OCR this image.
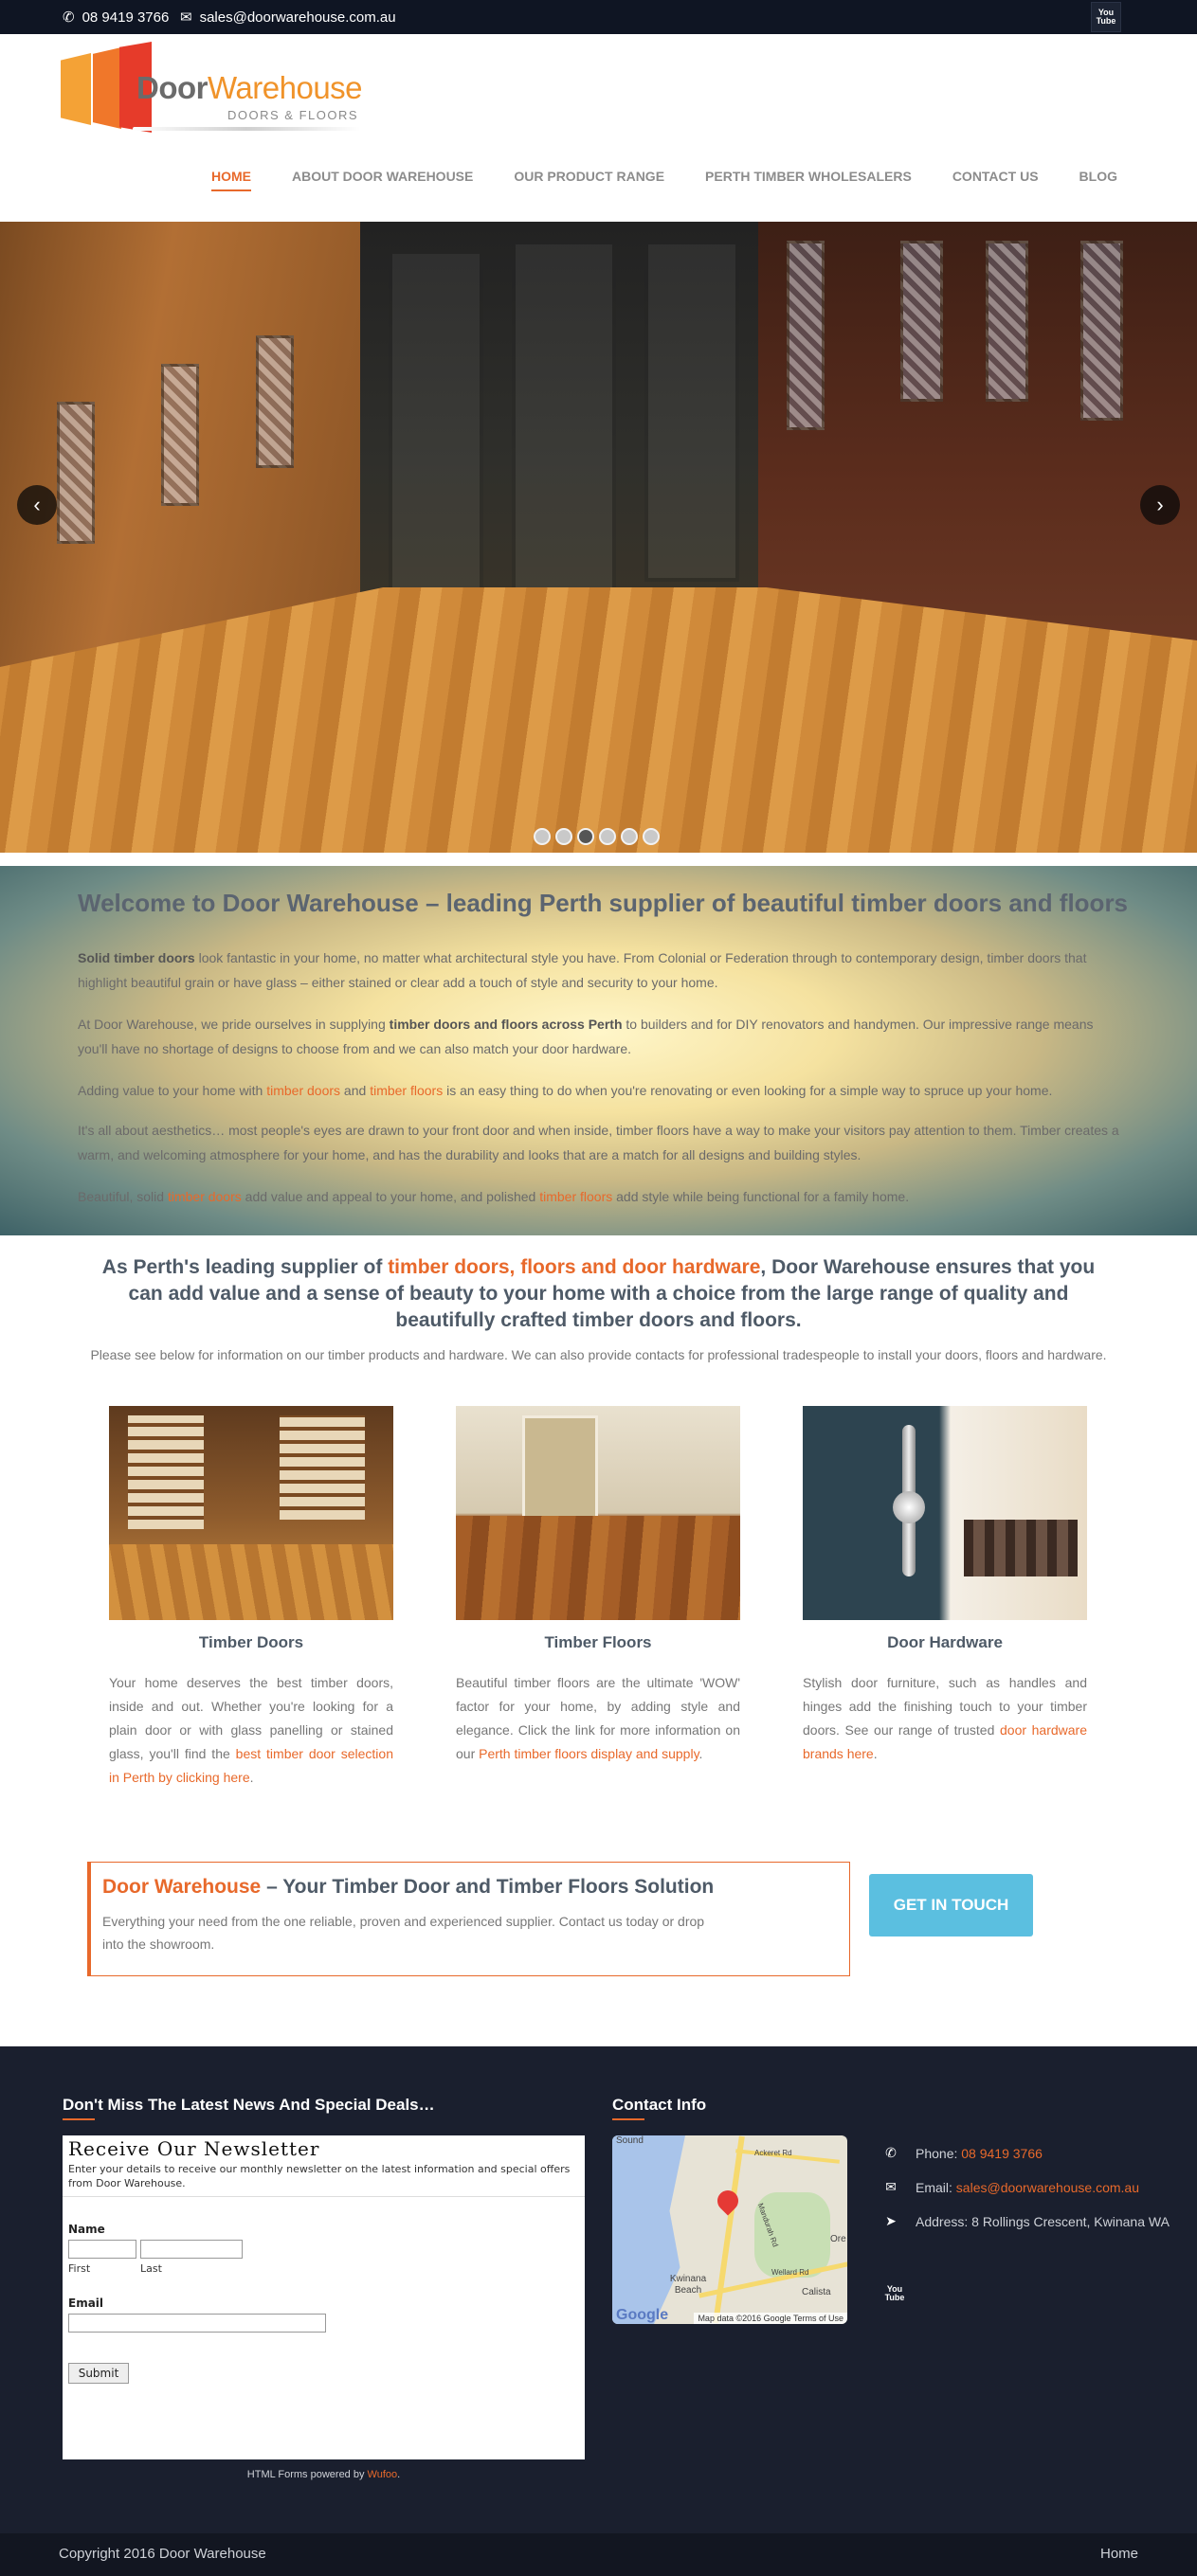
✆ 08 9419 3766 ✉ sales@doorwarehouse.com.au	You Tube
DoorWarehouse
DOORS & FLOORS
HOME	ABOUT DOOR WAREHOUSE	OUR PRODUCT RANGE	PERTH TIMBER WHOLESALERS	CONTACT US	BLOG
‹	›
Welcome to Door Warehouse – leading Perth supplier of beautiful timber doors and floors

Solid timber doors look fantastic in your home, no matter what architectural style you have. From Colonial or Federation through to contemporary design, timber doors that highlight beautiful grain or have glass – either stained or clear add a touch of style and security to your home.

At Door Warehouse, we pride ourselves in supplying timber doors and floors across Perth to builders and for DIY renovators and handymen. Our impressive range means you'll have no shortage of designs to choose from and we can also match your door hardware.

Adding value to your home with timber doors and timber floors is an easy thing to do when you're renovating or even looking for a simple way to spruce up your home.

It's all about aesthetics… most people's eyes are drawn to your front door and when inside, timber floors have a way to make your visitors pay attention to them. Timber creates a warm, and welcoming atmosphere for your home, and has the durability and looks that are a match for all designs and building styles.

Beautiful, solid timber doors add value and appeal to your home, and polished timber floors add style while being functional for a family home.

As Perth's leading supplier of timber doors, floors and door hardware, Door Warehouse ensures that you can add value and a sense of beauty to your home with a choice from the large range of quality and beautifully crafted timber doors and floors.
Please see below for information on our timber products and hardware. We can also provide contacts for professional tradespeople to install your doors, floors and hardware.
Timber Doors

Your home deserves the best timber doors, inside and out. Whether you're looking for a plain door or with glass panelling or stained glass, you'll find the best timber door selection in Perth by clicking here.

Timber Floors

Beautiful timber floors are the ultimate 'WOW' factor for your home, by adding style and elegance. Click the link for more information on our Perth timber floors display and supply.

Door Hardware

Stylish door furniture, such as handles and hinges add the finishing touch to your timber doors. See our range of trusted door hardware brands here.

Door Warehouse – Your Timber Door and Timber Floors Solution

Everything your need from the one reliable, proven and experienced supplier. Contact us today or drop into the showroom.

GET IN TOUCH
Don't Miss The Latest News And Special Deals…	Contact Info
Receive Our Newsletter
Enter your details to receive our monthly newsletter on the latest information and special offers from Door Warehouse.
Name
First	Last
Email
Submit
HTML Forms powered by Wufoo.
Sound
Ackeret Rd
Wellard Rd
Mandurah Rd	Ore
Kwinana Beach	Calista
Google	Map data ©2016 Google Terms of Use
✆ Phone: 08 9419 3766
✉ Email: sales@doorwarehouse.com.au
➤ Address: 8 Rollings Crescent, Kwinana WA
You Tube
Copyright 2016 Door Warehouse	Home
